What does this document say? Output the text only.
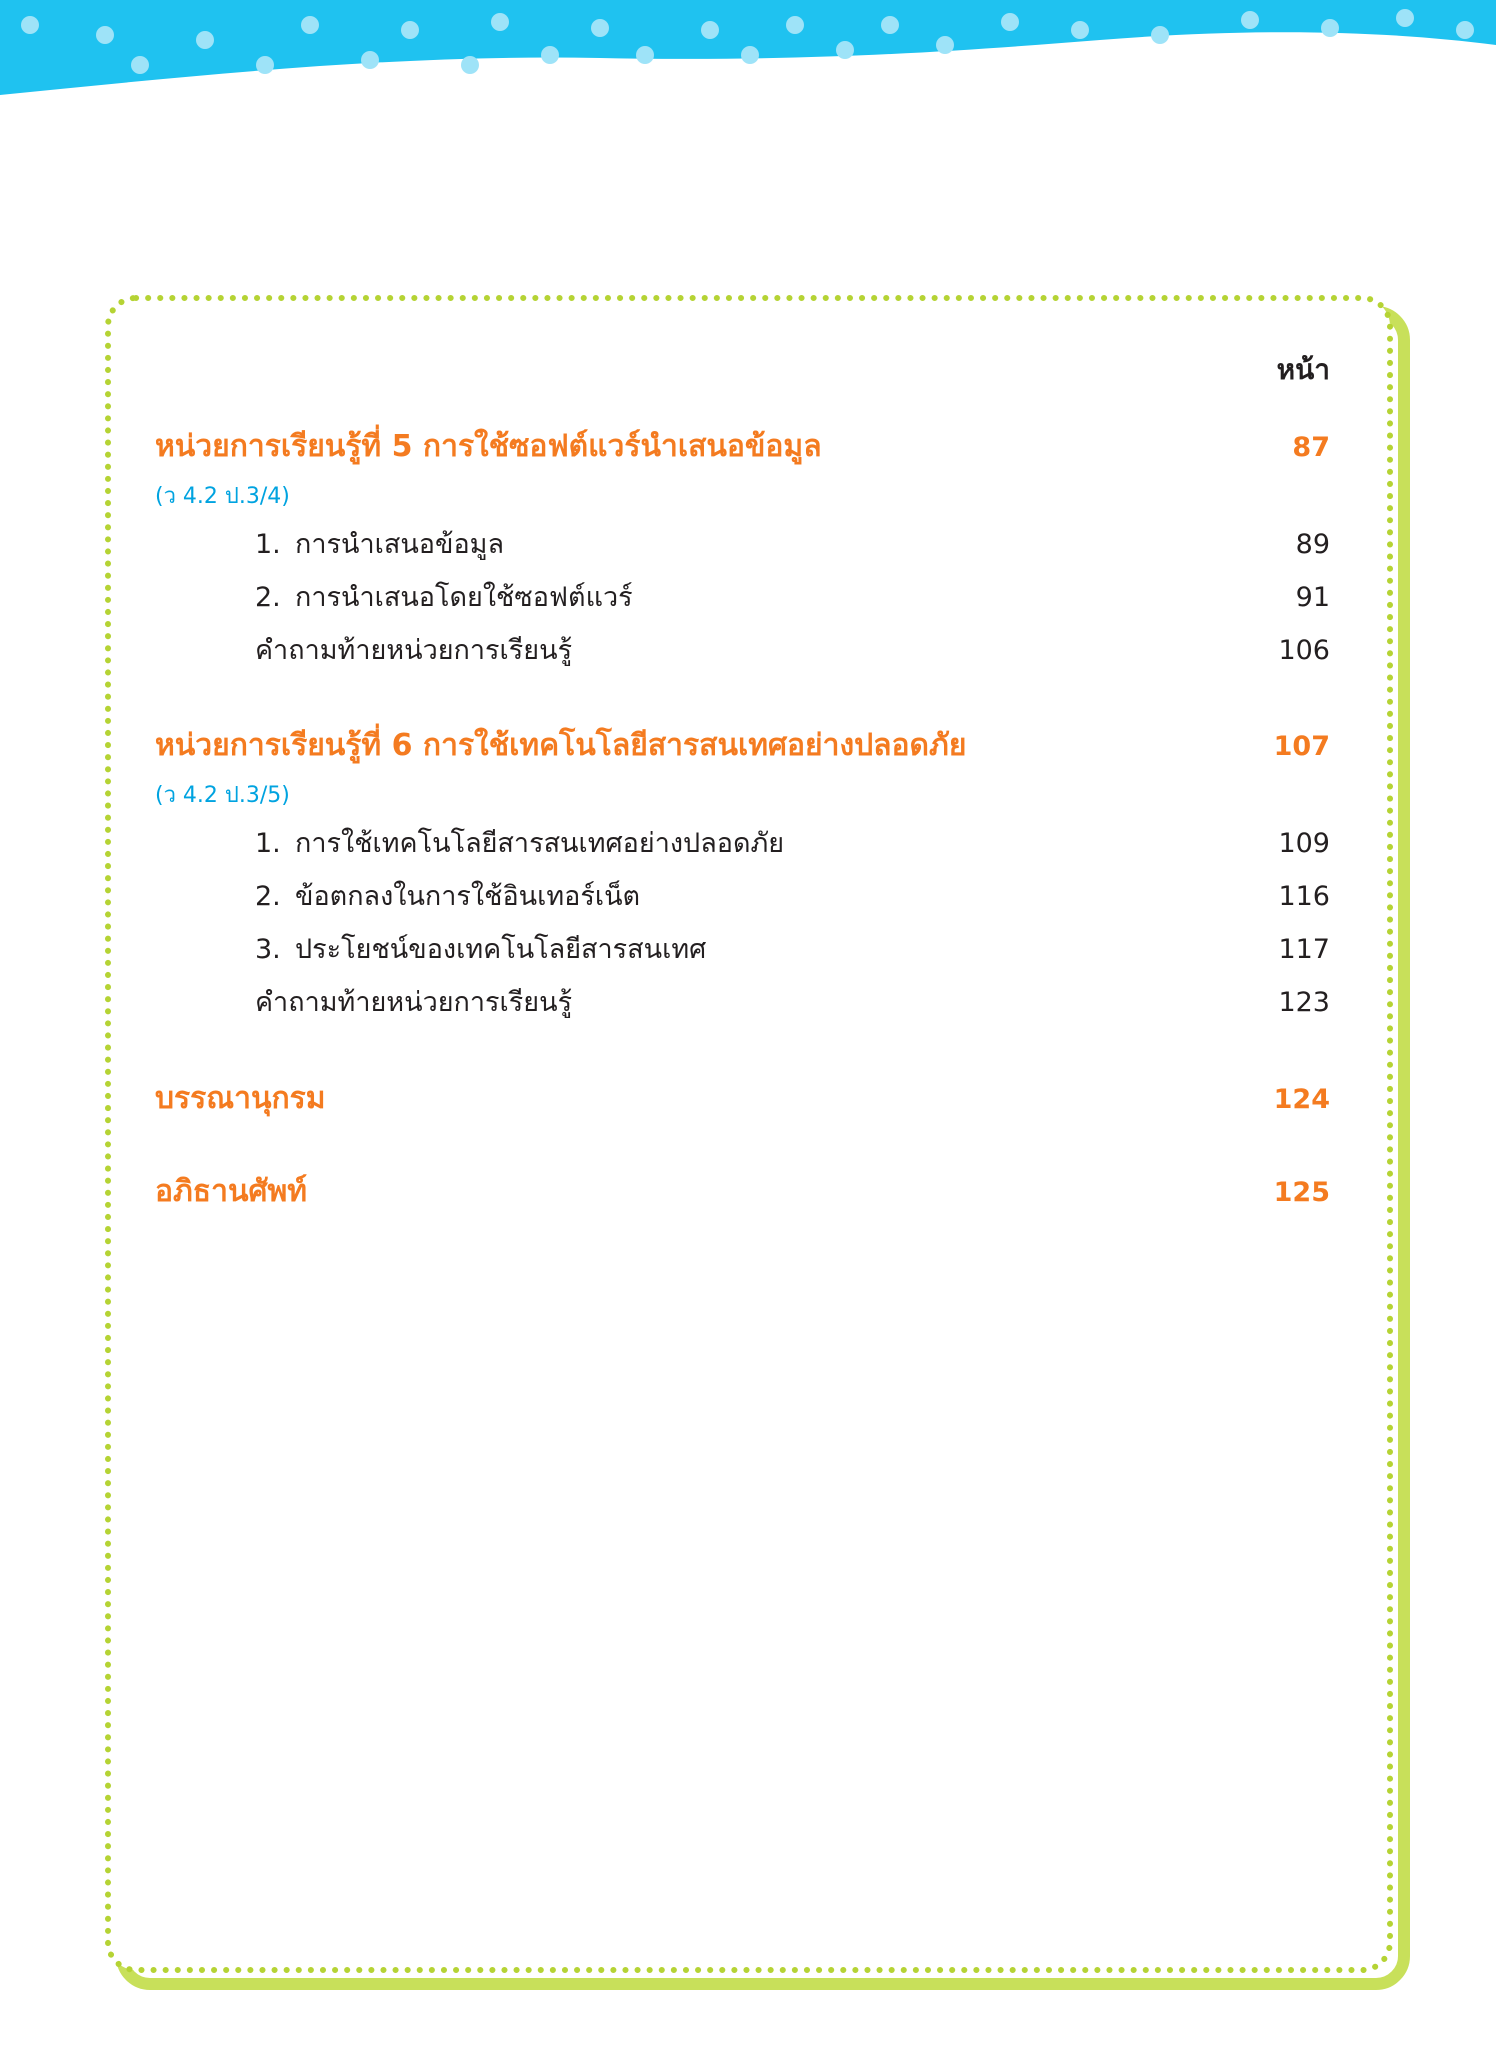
หน้า
หน่วยการเรียนรู้ที่ 5 การใช้ซอฟต์แวร์นำเสนอข้อมูล	87
(ว 4.2 ป.3/4)
1. การนำเสนอข้อมูล	89
2. การนำเสนอโดยใช้ซอฟต์แวร์	91
คำถามท้ายหน่วยการเรียนรู้	106
หน่วยการเรียนรู้ที่ 6 การใช้เทคโนโลยีสารสนเทศอย่างปลอดภัย	107
(ว 4.2 ป.3/5)
1. การใช้เทคโนโลยีสารสนเทศอย่างปลอดภัย	109
2. ข้อตกลงในการใช้อินเทอร์เน็ต	116
3. ประโยชน์ของเทคโนโลยีสารสนเทศ	117
คำถามท้ายหน่วยการเรียนรู้	123
บรรณานุกรม	124
อภิธานศัพท์	125
